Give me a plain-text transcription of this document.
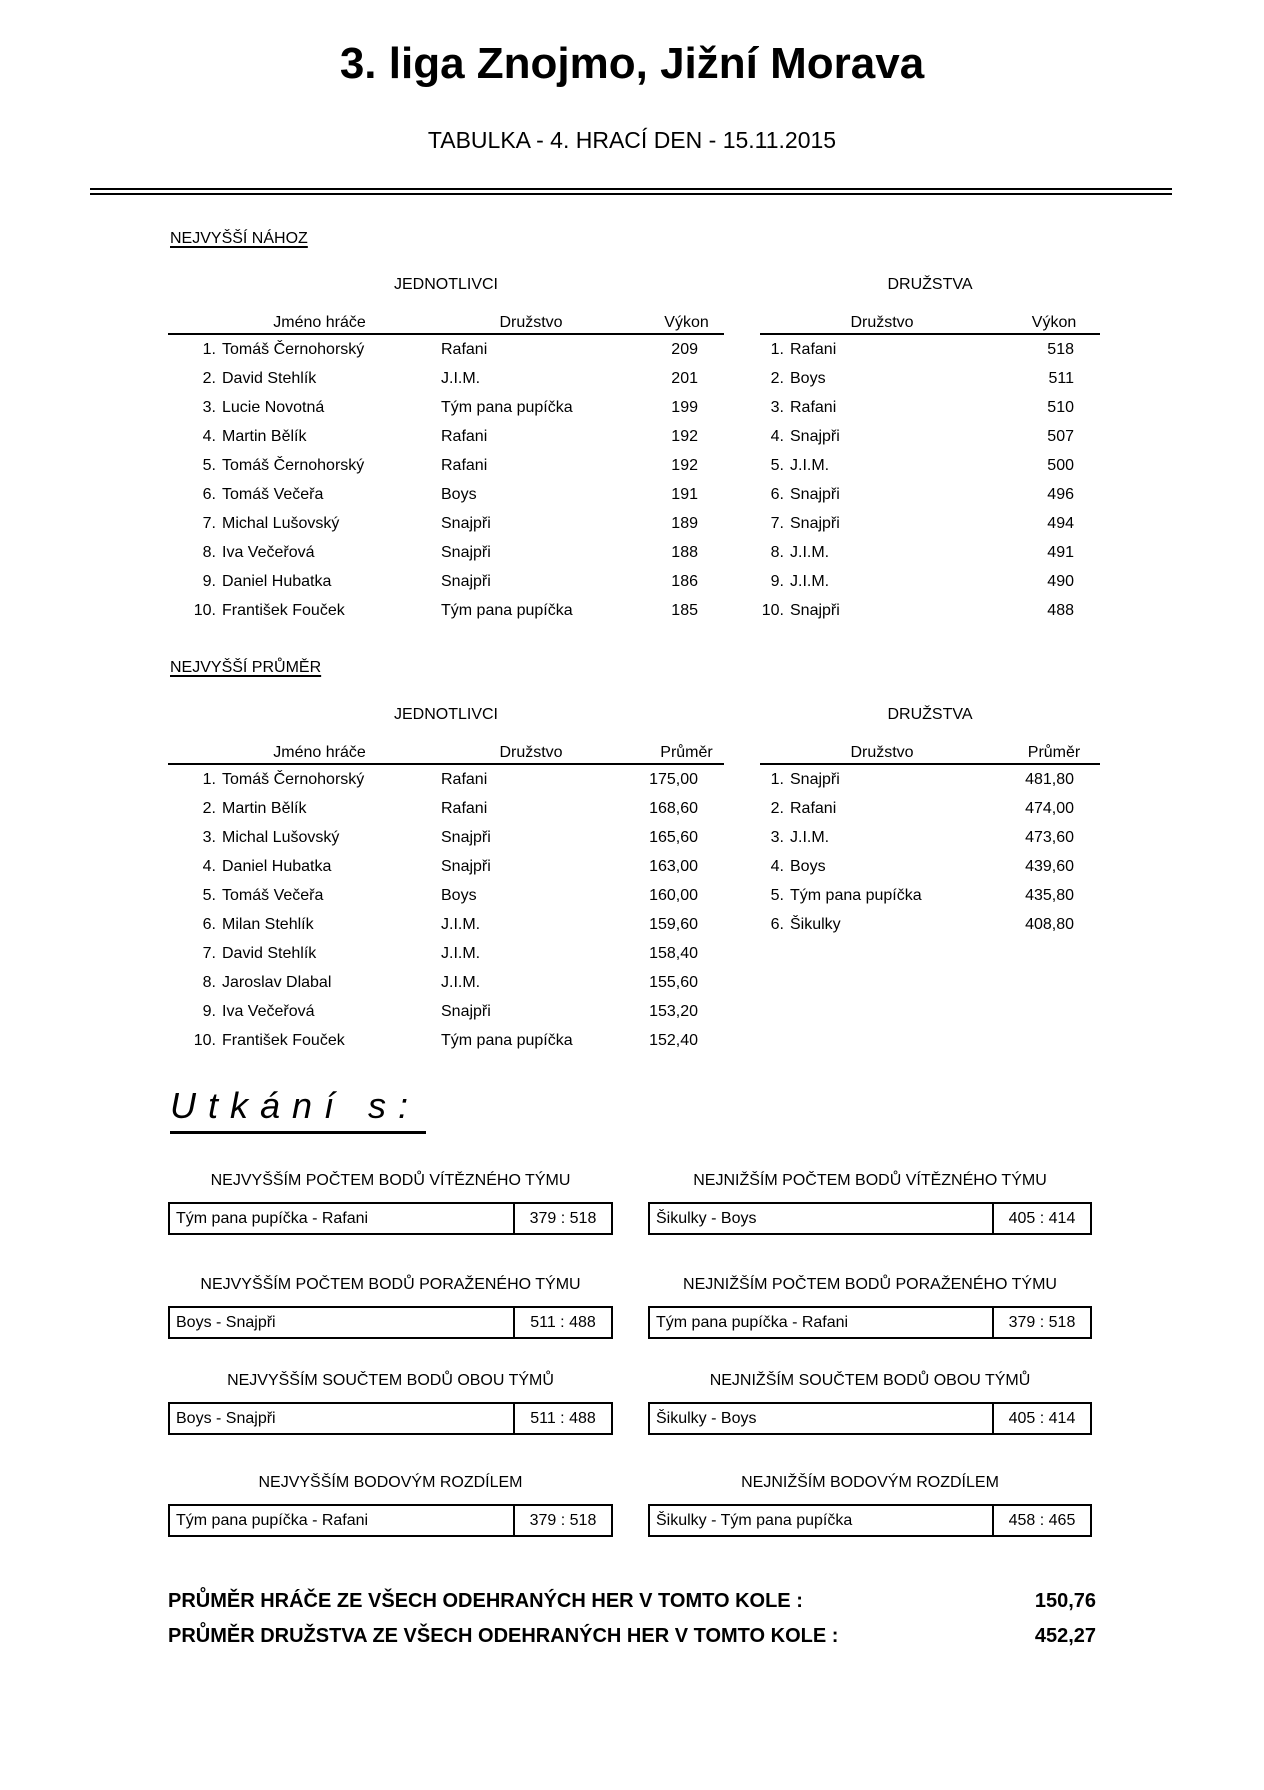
3. liga Znojmo, Jižní Morava
TABULKA - 4. HRACÍ DEN - 15.11.2015
NEJVYŠŠÍ NÁHOZ
JEDNOTLIVCI
Jméno hráče	Družstvo	Výkon
1. Tomáš Černohorský	Rafani	209
2. David Stehlík	J.I.M.	201
3. Lucie Novotná	Tým pana pupíčka	199
4. Martin Bělík	Rafani	192
5. Tomáš Černohorský	Rafani	192
6. Tomáš Večeřa	Boys	191
7. Michal Lušovský	Snajpři	189
8. Iva Večeřová	Snajpři	188
9. Daniel Hubatka	Snajpři	186
10. František Fouček	Tým pana pupíčka	185
DRUŽSTVA
Družstvo	Výkon
1. Rafani	518
2. Boys	511
3. Rafani	510
4. Snajpři	507
5. J.I.M.	500
6. Snajpři	496
7. Snajpři	494
8. J.I.M.	491
9. J.I.M.	490
10. Snajpři	488
NEJVYŠŠÍ PRŮMĚR
JEDNOTLIVCI
Jméno hráče	Družstvo	Průměr
1. Tomáš Černohorský	Rafani	175,00
2. Martin Bělík	Rafani	168,60
3. Michal Lušovský	Snajpři	165,60
4. Daniel Hubatka	Snajpři	163,00
5. Tomáš Večeřa	Boys	160,00
6. Milan Stehlík	J.I.M.	159,60
7. David Stehlík	J.I.M.	158,40
8. Jaroslav Dlabal	J.I.M.	155,60
9. Iva Večeřová	Snajpři	153,20
10. František Fouček	Tým pana pupíčka	152,40
DRUŽSTVA
Družstvo	Průměr
1. Snajpři	481,80
2. Rafani	474,00
3. J.I.M.	473,60
4. Boys	439,60
5. Tým pana pupíčka	435,80
6. Šikulky	408,80
Utkání s:
NEJVYŠŠÍM POČTEM BODŮ VÍTĚZNÉHO TÝMU
Tým pana pupíčka - Rafani	379 : 518
NEJNIŽŠÍM POČTEM BODŮ VÍTĚZNÉHO TÝMU
Šikulky - Boys	405 : 414
NEJVYŠŠÍM POČTEM BODŮ PORAŽENÉHO TÝMU
Boys - Snajpři	511 : 488
NEJNIŽŠÍM POČTEM BODŮ PORAŽENÉHO TÝMU
Tým pana pupíčka - Rafani	379 : 518
NEJVYŠŠÍM SOUČTEM BODŮ OBOU TÝMŮ
Boys - Snajpři	511 : 488
NEJNIŽŠÍM SOUČTEM BODŮ OBOU TÝMŮ
Šikulky - Boys	405 : 414
NEJVYŠŠÍM BODOVÝM ROZDÍLEM
Tým pana pupíčka - Rafani	379 : 518
NEJNIŽŠÍM BODOVÝM ROZDÍLEM
Šikulky - Tým pana pupíčka	458 : 465
PRŮMĚR HRÁČE ZE VŠECH ODEHRANÝCH HER V TOMTO KOLE :	150,76
PRŮMĚR DRUŽSTVA ZE VŠECH ODEHRANÝCH HER V TOMTO KOLE :	452,27
